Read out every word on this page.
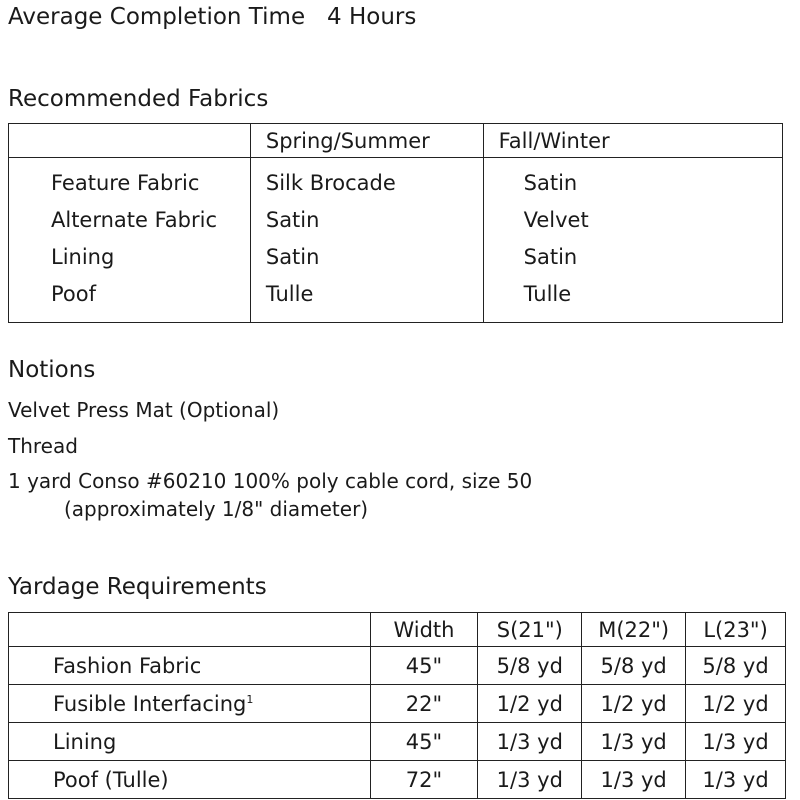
Average Completion Time 4 Hours
Recommended Fabrics
	Spring/Summer	Fall/Winter
Feature Fabric	Silk Brocade	Satin
Alternate Fabric	Satin	Velvet
Lining	Satin	Satin
Poof	Tulle	Tulle
Notions
Velvet Press Mat (Optional)
Thread
1 yard Conso #60210 100% poly cable cord, size 50
(approximately 1/8" diameter)
Yardage Requirements
	Width	S(21")	M(22")	L(23")
Fashion Fabric	45"	5/8 yd	5/8 yd	5/8 yd
Fusible Interfacing$^1$	22"	1/2 yd	1/2 yd	1/2 yd
Lining	45"	1/3 yd	1/3 yd	1/3 yd
Poof (Tulle)	72"	1/3 yd	1/3 yd	1/3 yd
